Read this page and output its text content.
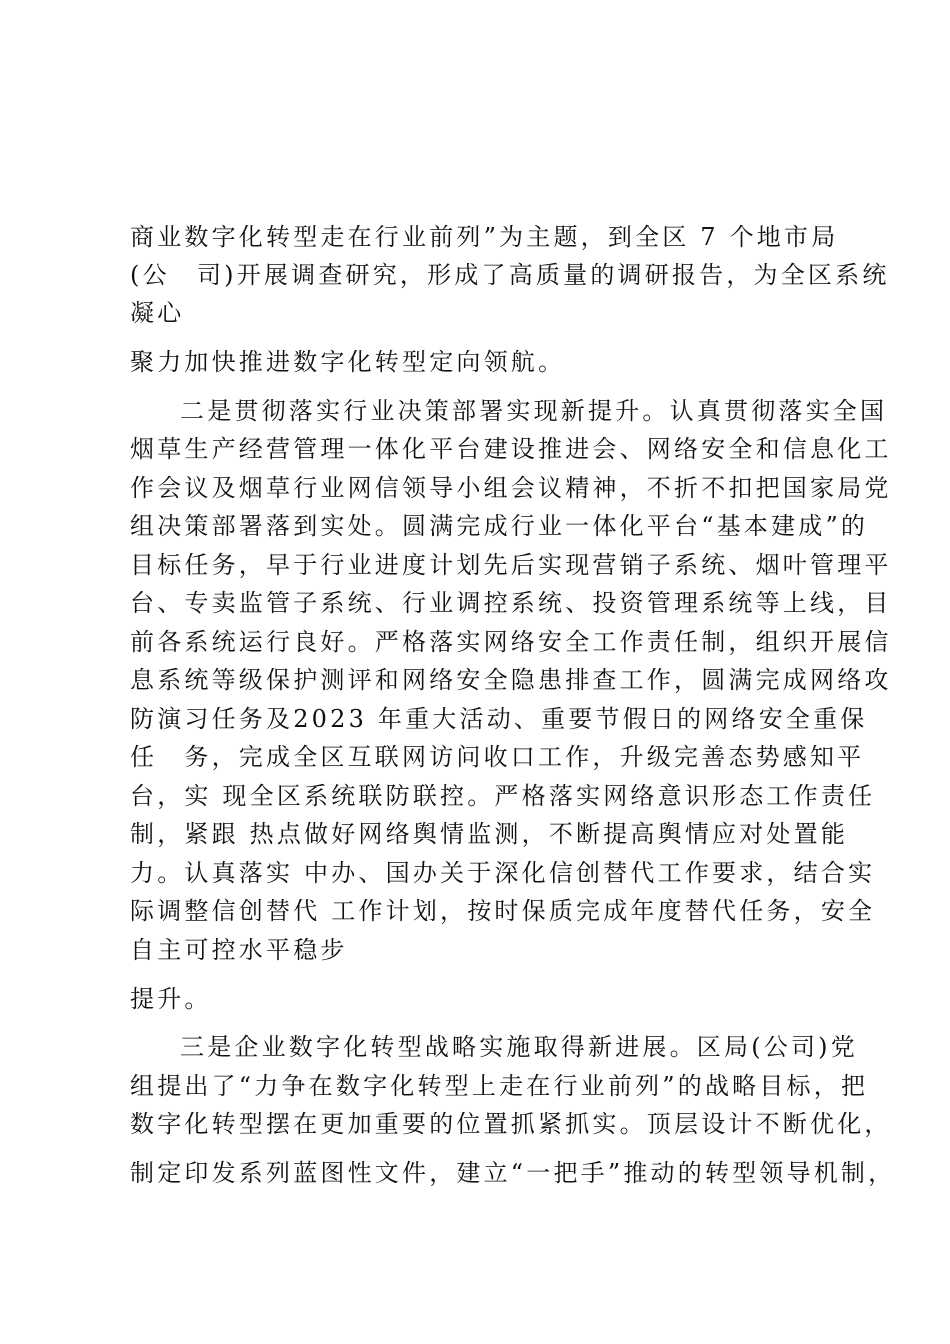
商业数字化转型走在行业前列”为主题，到全区 7 个地市局
(公　司)开展调查研究，形成了高质量的调研报告，为全区系统
凝心
聚力加快推进数字化转型定向领航。
二是贯彻落实行业决策部署实现新提升。认真贯彻落实全国
烟草生产经营管理一体化平台建设推进会、网络安全和信息化工
作会议及烟草行业网信领导小组会议精神，不折不扣把国家局党
组决策部署落到实处。圆满完成行业一体化平台“基本建成”的
目标任务，早于行业进度计划先后实现营销子系统、烟叶管理平
台、专卖监管子系统、行业调控系统、投资管理系统等上线，目
前各系统运行良好。严格落实网络安全工作责任制，组织开展信
息系统等级保护测评和网络安全隐患排查工作，圆满完成网络攻
防演习任务及2023 年重大活动、重要节假日的网络安全重保
任　务，完成全区互联网访问收口工作，升级完善态势感知平
台，实 现全区系统联防联控。严格落实网络意识形态工作责任
制，紧跟 热点做好网络舆情监测，不断提高舆情应对处置能
力。认真落实 中办、国办关于深化信创替代工作要求，结合实
际调整信创替代 工作计划，按时保质完成年度替代任务，安全
自主可控水平稳步
提升。
三是企业数字化转型战略实施取得新进展。区局(公司)党
组提出了“力争在数字化转型上走在行业前列”的战略目标，把
数字化转型摆在更加重要的位置抓紧抓实。顶层设计不断优化，
制定印发系列蓝图性文件，建立“一把手”推动的转型领导机制，
